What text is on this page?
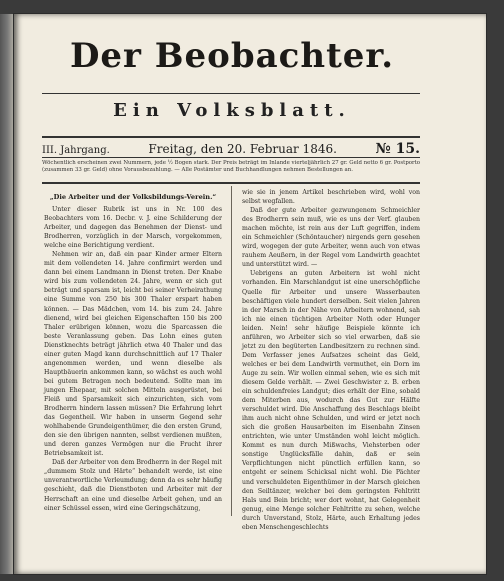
Der Beobachter.
Ein Volksblatt.
III. Jahrgang.	Freitag, den 20. Februar 1846.	№ 15.
Wöchentlich erscheinen zwei Nummern, jede ½ Bogen stark. Der Preis beträgt im Inlande vierteljährlich 27 gr. Geld netto 6 gr. Postporto (zusammen 33 gr. Geld) ohne Vorausbezahlung. — Alle Postämter und Buchhandlungen nehmen Bestellungen an.
„Die Arbeiter und der Volksbildungs-Verein.“

Unter dieser Rubrik ist uns in Nr. 100 des Beobachters vom 16. Decbr. v. J. eine Schilderung der Arbeiter, und dagegen das Benehmen der Dienst- und Brodherren, vorzüglich in der Marsch, vorgekommen, welche eine Berichtigung verdient.

Nehmen wir an, daß ein paar Kinder armer Eltern mit dem vollendeten 14. Jahre confirmirt werden und dann bei einem Landmann in Dienst treten. Der Knabe wird bis zum vollendeten 24. Jahre, wenn er sich gut beträgt und sparsam ist, leicht bei seiner Verheirathung eine Summe von 250 bis 300 Thaler erspart haben können. — Das Mädchen, vom 14. bis zum 24. Jahre dienend, wird bei gleichen Eigenschaften 150 bis 200 Thaler erübrigen können, wozu die Sparcassen die beste Veranlassung geben. Das Lohn eines guten Dienstknechts beträgt jährlich etwa 40 Thaler und das einer guten Magd kann durchschnittlich auf 17 Thaler angenommen werden, und wenn dieselbe als Hauptbäuerin ankommen kann, so wächst es auch wohl bei gutem Betragen noch bedeutend. Sollte man im jungen Ehepaar, mit solchen Mitteln ausgerüstet, bei Fleiß und Sparsamkeit sich einzurichten, sich vom Brodherrn hindern lassen müssen? Die Erfahrung lehrt das Gegentheil. Wir haben in unserm Gegend sehr wohlhabende Grundeigenthümer, die den ersten Grund, den sie den übrigen nannten, selbst verdienen mußten, und deren ganzes Vermögen nur die Frucht ihrer Betriebsamkeit ist.

Daß der Arbeiter von dem Brodherrn in der Regel mit „dummem Stolz und Härte“ behandelt werde, ist eine unverantwortliche Verleumdung; denn da es sehr häufig geschieht, daß die Dienstboten und Arbeiter mit der Herrschaft an eine und dieselbe Arbeit gehen, und an einer Schüssel essen, wird eine Geringschätzung,

wie sie in jenem Artikel beschrieben wird, wohl von selbst wegfallen.

Daß der gute Arbeiter gezwungenem Schmeichler des Brodherrn sein muß, wie es uns der Verf. glauben machen möchte, ist rein aus der Luft gegriffen, indem ein Schmeichler (Schöntaucher) nirgends gern gesehen wird, wogegen der gute Arbeiter, wenn auch von etwas rauhem Aeußern, in der Regel vom Landwirth geachtet und unterstützt wird. —

Uebrigens an guten Arbeitern ist wohl nicht vorhanden. Ein Marschlandgut ist eine unerschöpfliche Quelle für Arbeiter und unsere Wasserbauten beschäftigen viele hundert derselben. Seit vielen Jahren in der Marsch in der Nähe von Arbeitern wohnend, sah ich nie einen tüchtigen Arbeiter Noth oder Hunger leiden. Nein! sehr häufige Beispiele könnte ich anführen, wo Arbeiter sich so viel erwarben, daß sie jetzt zu den begüterten Landbesitzern zu rechnen sind. Dem Verfasser jenes Aufsatzes scheint das Geld, welches er bei dem Landwirth vermuthet, ein Dorn im Auge zu sein. Wir wollen einmal sehen, wie es sich mit diesem Gelde verhält. — Zwei Geschwister z. B. erben ein schuldenfreies Landgut; dies erhält der Eine, sobald dem Miterben aus, wodurch das Gut zur Hälfte verschuldet wird. Die Anschaffung des Beschlags bleibt ihm auch nicht ohne Schulden, und wird er jetzt noch sich die großen Hausarbeiten im Eisenbahn Zinsen entrichten, wie unter Umständen wohl leicht möglich. Kommt es nun durch Mißwachs, Viehsterben oder sonstige Unglücksfälle dahin, daß er sein Verpflichtungen nicht pünctlich erfüllen kann, so entgeht er seinem Schicksal nicht wohl. Die Pächter und verschuldeten Eigenthümer in der Marsch gleichen den Seiltänzer, welcher bei dem geringsten Fehltritt Hals und Bein bricht; wer dort wohnt, hat Gelegenheit genug, eine Menge solcher Fehltritte zu sehen, welche durch Unverstand, Stolz, Härte, auch Erhaltung jedes eben Menschengeschlechts
